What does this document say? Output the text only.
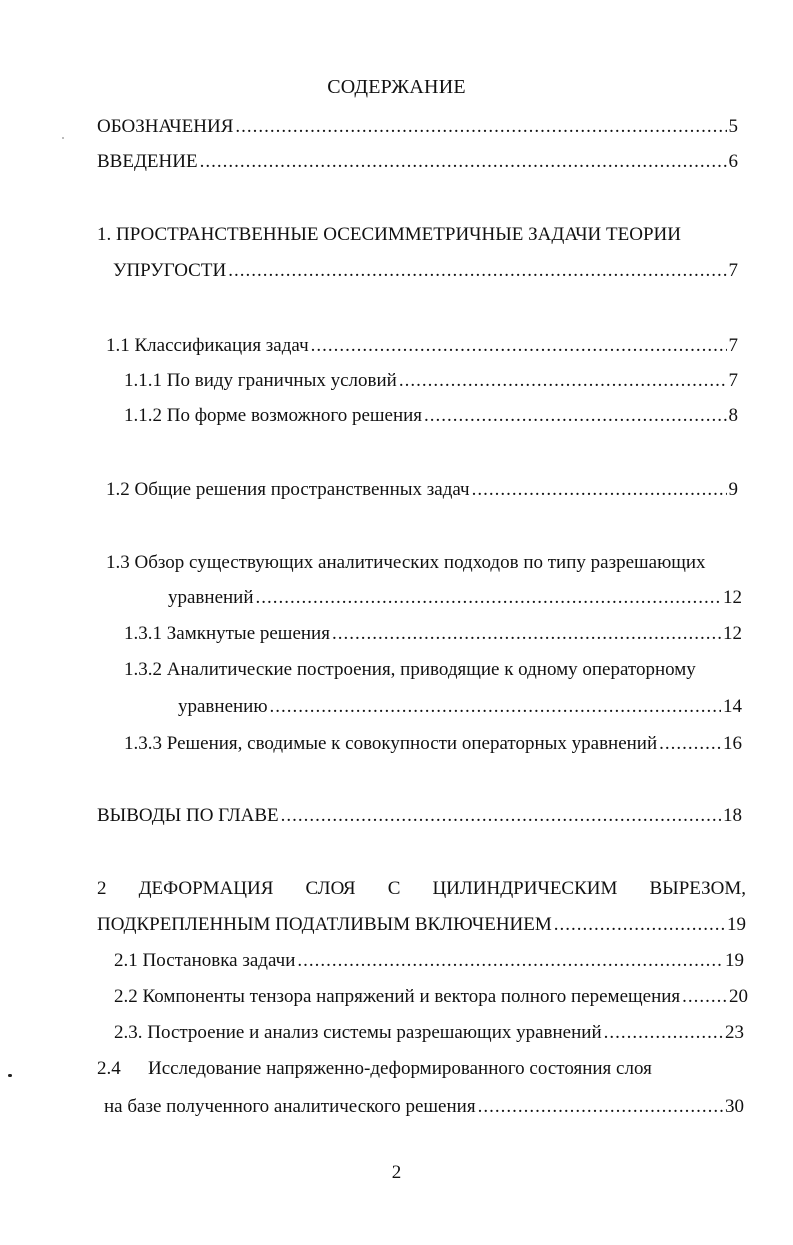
СОДЕРЖАНИЕ
ОБОЗНАЧЕНИЯ .....	5
ВВЕДЕНИЕ .....	6
1. ПРОСТРАНСТВЕННЫЕ ОСЕСИММЕТРИЧНЫЕ ЗАДАЧИ ТЕОРИИ
УПРУГОСТИ .....	7
1.1 Классификация задач .....	7
1.1.1 По виду граничных условий .....	7
1.1.2 По форме возможного решения .....	8
1.2 Общие решения пространственных задач .....	9
1.3 Обзор существующих аналитических подходов по типу разрешающих
уравнений .....	12
1.3.1 Замкнутые решения .....	12
1.3.2 Аналитические построения, приводящие к одному операторному
уравнению .....	14
1.3.3 Решения, сводимые к совокупности операторных уравнений .....	16
ВЫВОДЫ ПО ГЛАВЕ .....	18
2 ДЕФОРМАЦИЯ СЛОЯ С ЦИЛИНДРИЧЕСКИМ ВЫРЕЗОМ,
ПОДКРЕПЛЕННЫМ ПОДАТЛИВЫМ ВКЛЮЧЕНИЕМ .....	19
2.1 Постановка задачи .....	19
2.2 Компоненты тензора напряжений и вектора полного перемещения .....	20
2.3. Построение и анализ системы разрешающих уравнений .....	23
2.4 Исследование напряженно-деформированного состояния слоя
на базе полученного аналитического решения .....	30
2
